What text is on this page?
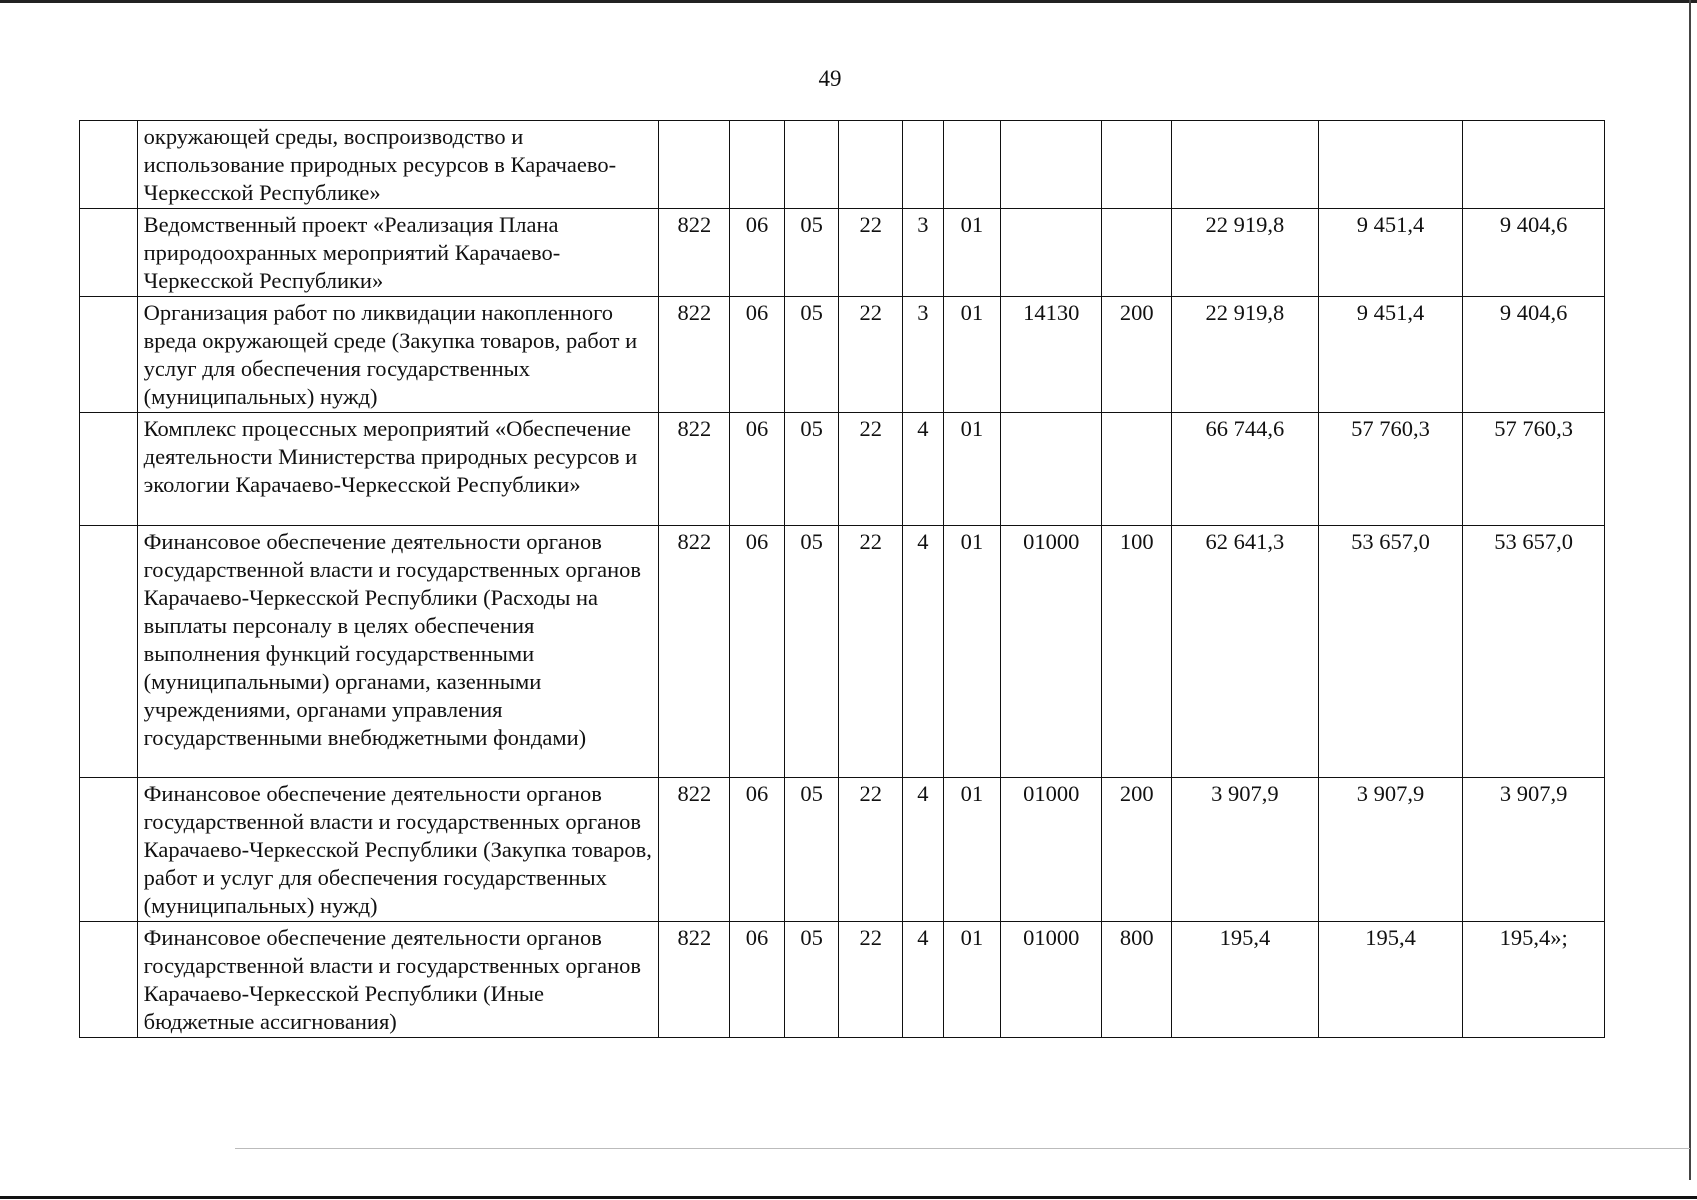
49
	окружающей среды, воспроизводство и использование природных ресурсов в Карачаево-Черкесской Республике»											
	Ведомственный проект «Реализация Плана природоохранных мероприятий Карачаево-Черкесской Республики»	822	06	05	22	3	01			22 919,8	9 451,4	9 404,6
	Организация работ по ликвидации накопленного вреда окружающей среде (Закупка товаров, работ и услуг для обеспечения государственных (муниципальных) нужд)	822	06	05	22	3	01	14130	200	22 919,8	9 451,4	9 404,6
	Комплекс процессных мероприятий «Обеспечение деятельности Министерства природных ресурсов и экологии Карачаево-Черкесской Республики»	822	06	05	22	4	01			66 744,6	57 760,3	57 760,3
	Финансовое обеспечение деятельности органов государственной власти и государственных органов Карачаево-Черкесской Республики (Расходы на выплаты персоналу в целях обеспечения выполнения функций государственными (муниципальными) органами, казенными учреждениями, органами управления государственными внебюджетными фондами)	822	06	05	22	4	01	01000	100	62 641,3	53 657,0	53 657,0
	Финансовое обеспечение деятельности органов государственной власти и государственных органов Карачаево-Черкесской Республики (Закупка товаров, работ и услуг для обеспечения государственных (муниципальных) нужд)	822	06	05	22	4	01	01000	200	3 907,9	3 907,9	3 907,9
	Финансовое обеспечение деятельности органов государственной власти и государственных органов Карачаево-Черкесской Республики (Иные бюджетные ассигнования)	822	06	05	22	4	01	01000	800	195,4	195,4	195,4»;
